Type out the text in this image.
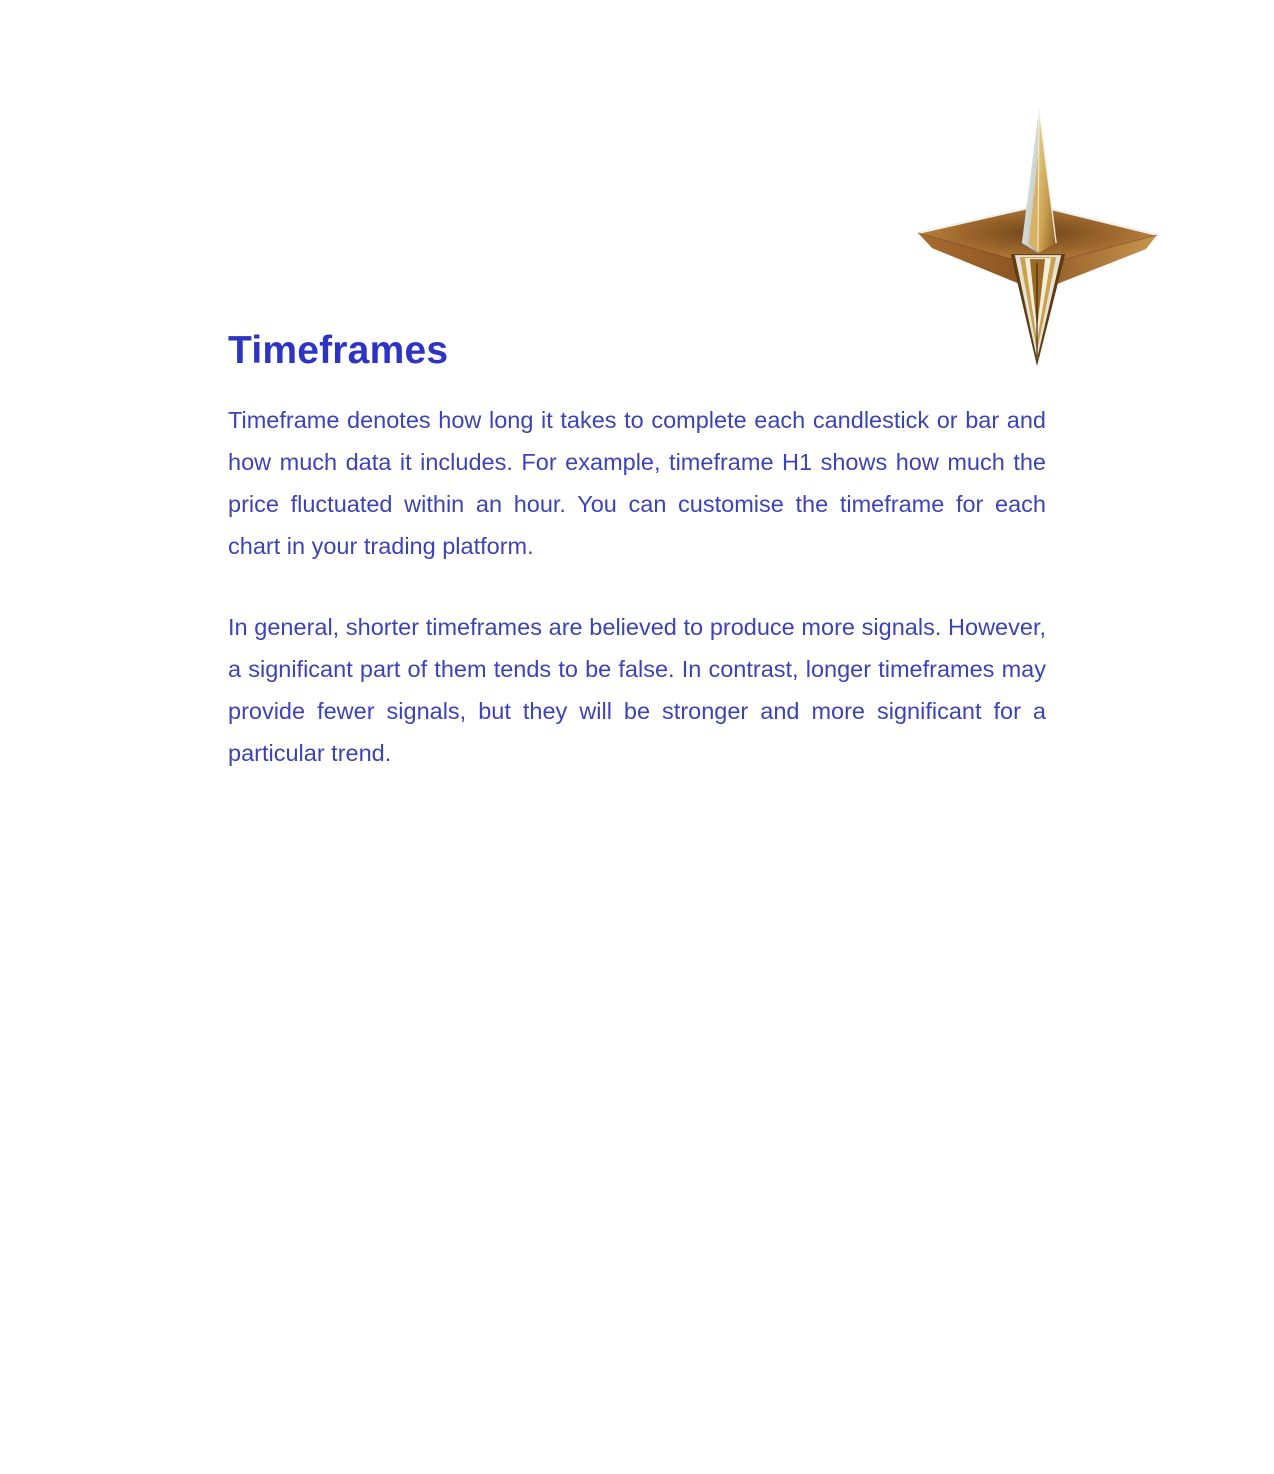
Timeframes

Timeframe denotes how long it takes to complete each candlestick or bar and how much data it includes. For example, timeframe H1 shows how much the price fluctuated within an hour. You can customise the timeframe for each chart in your trading platform.

In general, shorter timeframes are believed to produce more signals. However, a significant part of them tends to be false. In contrast, longer timeframes may provide fewer signals, but they will be stronger and more significant for a particular trend.
